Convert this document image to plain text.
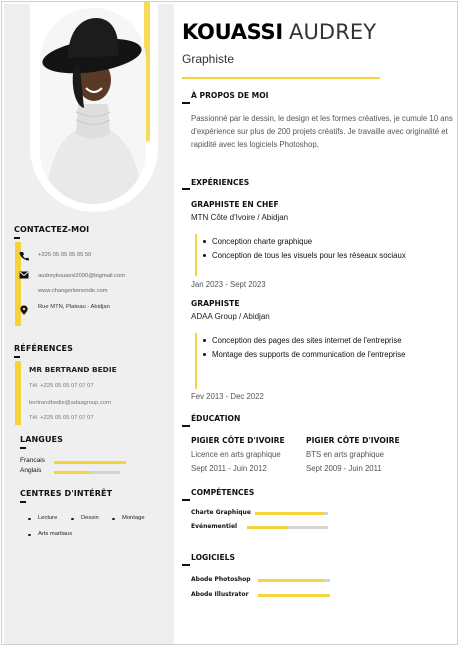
CONTACTEZ-MOI
+225 05 05 05 05 50
audreykouassi2000@bigmail.com
www.changerlemonde.com
Rue MTN, Plateau - Abidjan
RÉFÉRENCES
MR BERTRAND BEDIE
Tél. +225 05 05 07 07 07
bertrandbedie@adaagroup.com
Tél. +225 05 05 07 07 07
LANGUES
Francais
Anglais
CENTRES D'INTÉRÊT
Lecture	Dessin	Montage
Arts martiaux
KOUASSI AUDREY
Graphiste
À PROPOS DE MOI
Passionné par le dessin, le design et les formes créatives, je cumule 10 ans d'expérience sur plus de 200 projets créatifs. Je travaille avec originalité et rapidité avec les logiciels Photoshop,
EXPÉRIENCES
GRAPHISTE EN CHEF
MTN Côte d'Ivoire / Abidjan
Conception charte graphique
Conception de tous les visuels pour les réseaux sociaux
Jan 2023 - Sept 2023
GRAPHISTE
ADAA Group / Abidjan
Conception des pages des sites internet de l'entreprise
Montage des supports de communication de l'entreprise
Fev 2013 - Dec 2022
ÉDUCATION
PIGIER CÔTE D'IVOIRE
Licence en arts graphique
Sept 2011 - Juin 2012
PIGIER CÔTE D'IVOIRE
BTS en arts graphique
Sept 2009 - Juin 2011
COMPÉTENCES
Charte Graphique
Evénementiel
LOGICIELS
Abode Photoshop
Abode Illustrator
